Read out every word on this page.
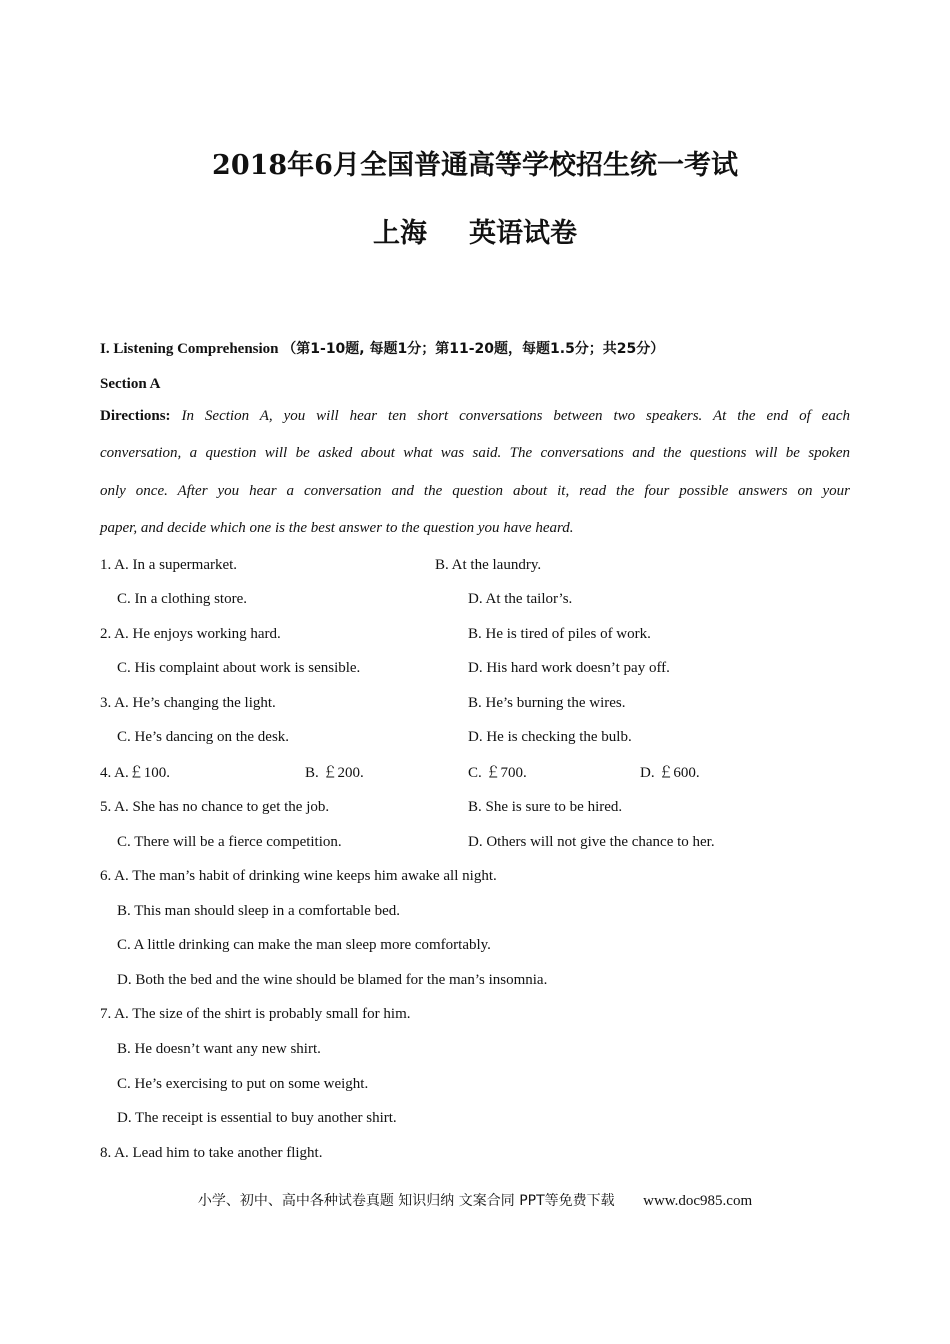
2018年6月全国普通高等学校招生统一考试
上海 英语试卷
I. Listening Comprehension （第1-10题, 每题1分；第11-20题，每题1.5分；共25分）
Section A
Directions: In Section A, you will hear ten short conversations between two speakers. At the end of each
conversation, a question will be asked about what was said. The conversations and the questions will be spoken
only once. After you hear a conversation and the question about it, read the four possible answers on your
paper, and decide which one is the best answer to the question you have heard.
1. A. In a supermarket.	B. At the laundry.
C. In a clothing store.	D. At the tailor’s.
2. A. He enjoys working hard.	B. He is tired of piles of work.
C. His complaint about work is sensible.	D. His hard work doesn’t pay off.
3. A. He’s changing the light.	B. He’s burning the wires.
C. He’s dancing on the desk.	D. He is checking the bulb.
4. A.￡100.	B. ￡200.	C. ￡700.	D. ￡600.
5. A. She has no chance to get the job.	B. She is sure to be hired.
C. There will be a fierce competition.	D. Others will not give the chance to her.
6. A. The man’s habit of drinking wine keeps him awake all night.
B. This man should sleep in a comfortable bed.
C. A little drinking can make the man sleep more comfortably.
D. Both the bed and the wine should be blamed for the man’s insomnia.
7. A. The size of the shirt is probably small for him.
B. He doesn’t want any new shirt.
C. He’s exercising to put on some weight.
D. The receipt is essential to buy another shirt.
8. A. Lead him to take another flight.
小学、初中、高中各种试卷真题 知识归纳 文案合同 PPT等免费下载 www.doc985.com
